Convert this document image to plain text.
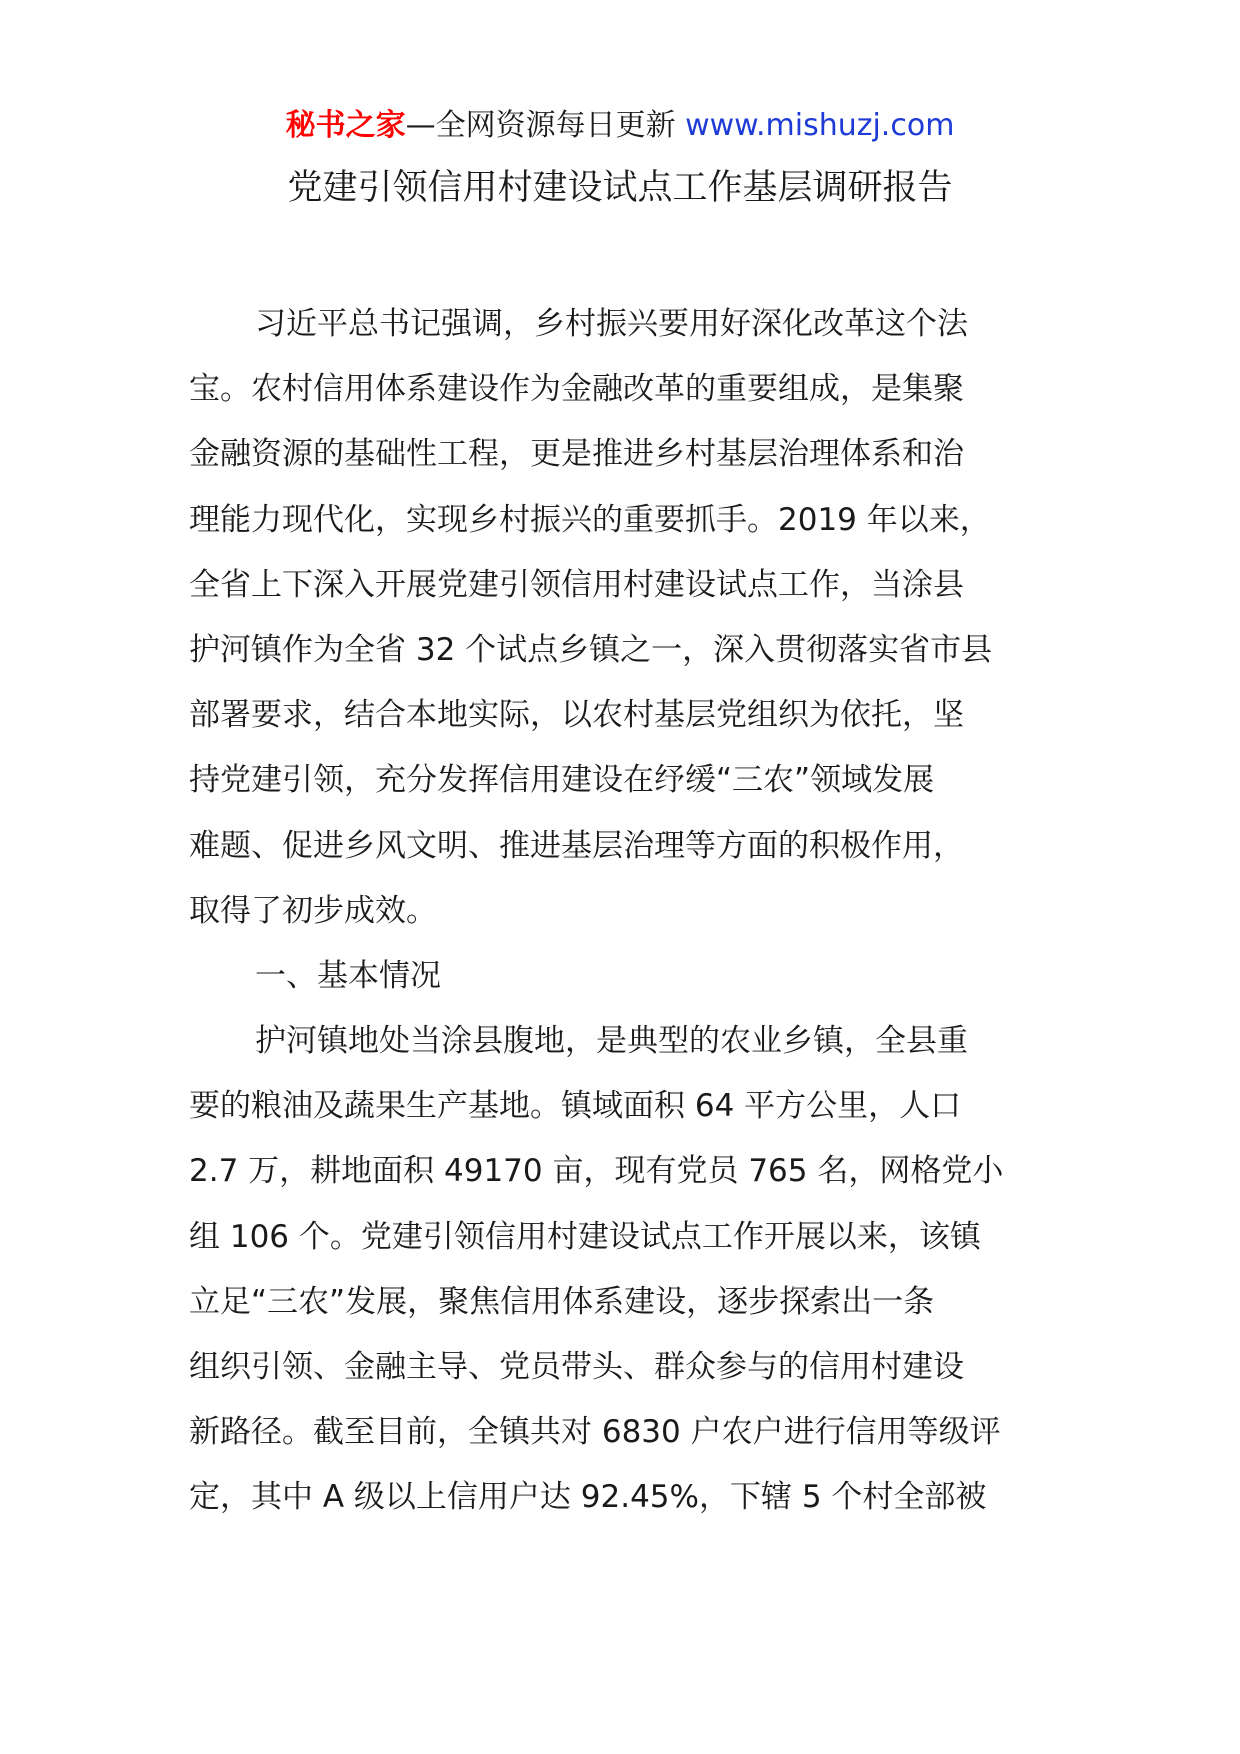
秘书之家—全网资源每日更新 www.mishuzj.com
党建引领信用村建设试点工作基层调研报告

习近平总书记强调，乡村振兴要用好深化改革这个法

宝。农村信用体系建设作为金融改革的重要组成，是集聚

金融资源的基础性工程，更是推进乡村基层治理体系和治

理能力现代化，实现乡村振兴的重要抓手。2019 年以来，

全省上下深入开展党建引领信用村建设试点工作，当涂县

护河镇作为全省 32 个试点乡镇之一，深入贯彻落实省市县

部署要求，结合本地实际，以农村基层党组织为依托，坚

持党建引领，充分发挥信用建设在纾缓“三农”领域发展

难题、促进乡风文明、推进基层治理等方面的积极作用，

取得了初步成效。

一、基本情况

护河镇地处当涂县腹地，是典型的农业乡镇，全县重

要的粮油及蔬果生产基地。镇域面积 64 平方公里，人口

2.7 万，耕地面积 49170 亩，现有党员 765 名，网格党小

组 106 个。党建引领信用村建设试点工作开展以来，该镇

立足“三农”发展，聚焦信用体系建设，逐步探索出一条

组织引领、金融主导、党员带头、群众参与的信用村建设

新路径。截至目前，全镇共对 6830 户农户进行信用等级评

定，其中 A 级以上信用户达 92.45%，下辖 5 个村全部被
